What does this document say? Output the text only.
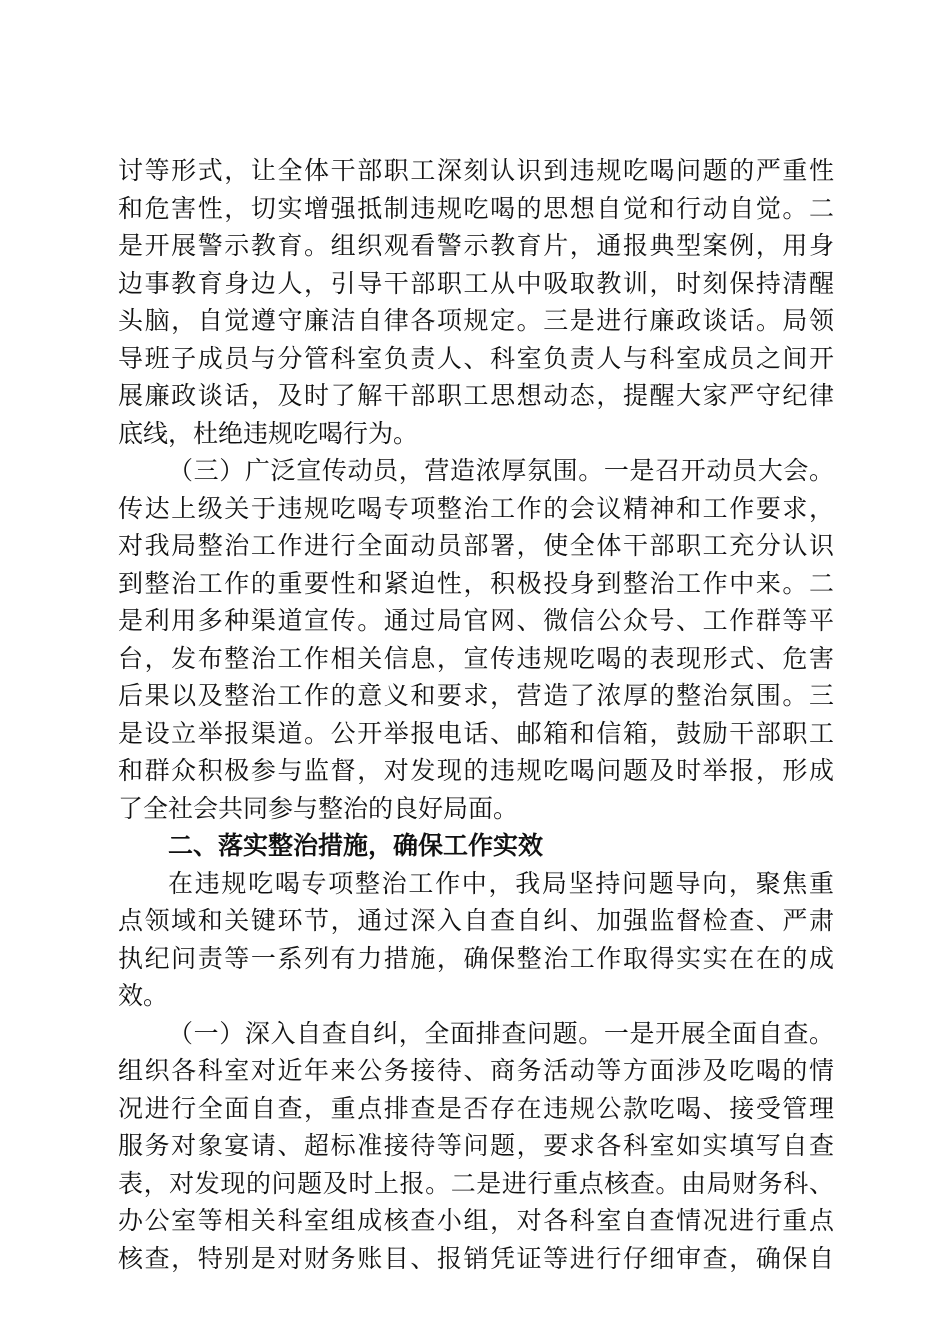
讨等形式，让全体干部职工深刻认识到违规吃喝问题的严重性
和危害性，切实增强抵制违规吃喝的思想自觉和行动自觉。二
是开展警示教育。组织观看警示教育片，通报典型案例，用身
边事教育身边人，引导干部职工从中吸取教训，时刻保持清醒
头脑，自觉遵守廉洁自律各项规定。三是进行廉政谈话。局领
导班子成员与分管科室负责人、科室负责人与科室成员之间开
展廉政谈话，及时了解干部职工思想动态，提醒大家严守纪律
底线，杜绝违规吃喝行为。
（三）广泛宣传动员，营造浓厚氛围。一是召开动员大会。
传达上级关于违规吃喝专项整治工作的会议精神和工作要求，
对我局整治工作进行全面动员部署，使全体干部职工充分认识
到整治工作的重要性和紧迫性，积极投身到整治工作中来。二
是利用多种渠道宣传。通过局官网、微信公众号、工作群等平
台，发布整治工作相关信息，宣传违规吃喝的表现形式、危害
后果以及整治工作的意义和要求，营造了浓厚的整治氛围。三
是设立举报渠道。公开举报电话、邮箱和信箱，鼓励干部职工
和群众积极参与监督，对发现的违规吃喝问题及时举报，形成
了全社会共同参与整治的良好局面。
二、落实整治措施，确保工作实效
在违规吃喝专项整治工作中，我局坚持问题导向，聚焦重
点领域和关键环节，通过深入自查自纠、加强监督检查、严肃
执纪问责等一系列有力措施，确保整治工作取得实实在在的成
效。
（一）深入自查自纠，全面排查问题。一是开展全面自查。
组织各科室对近年来公务接待、商务活动等方面涉及吃喝的情
况进行全面自查，重点排查是否存在违规公款吃喝、接受管理
服务对象宴请、超标准接待等问题，要求各科室如实填写自查
表，对发现的问题及时上报。二是进行重点核查。由局财务科、
办公室等相关科室组成核查小组，对各科室自查情况进行重点
核查，特别是对财务账目、报销凭证等进行仔细审查，确保自
